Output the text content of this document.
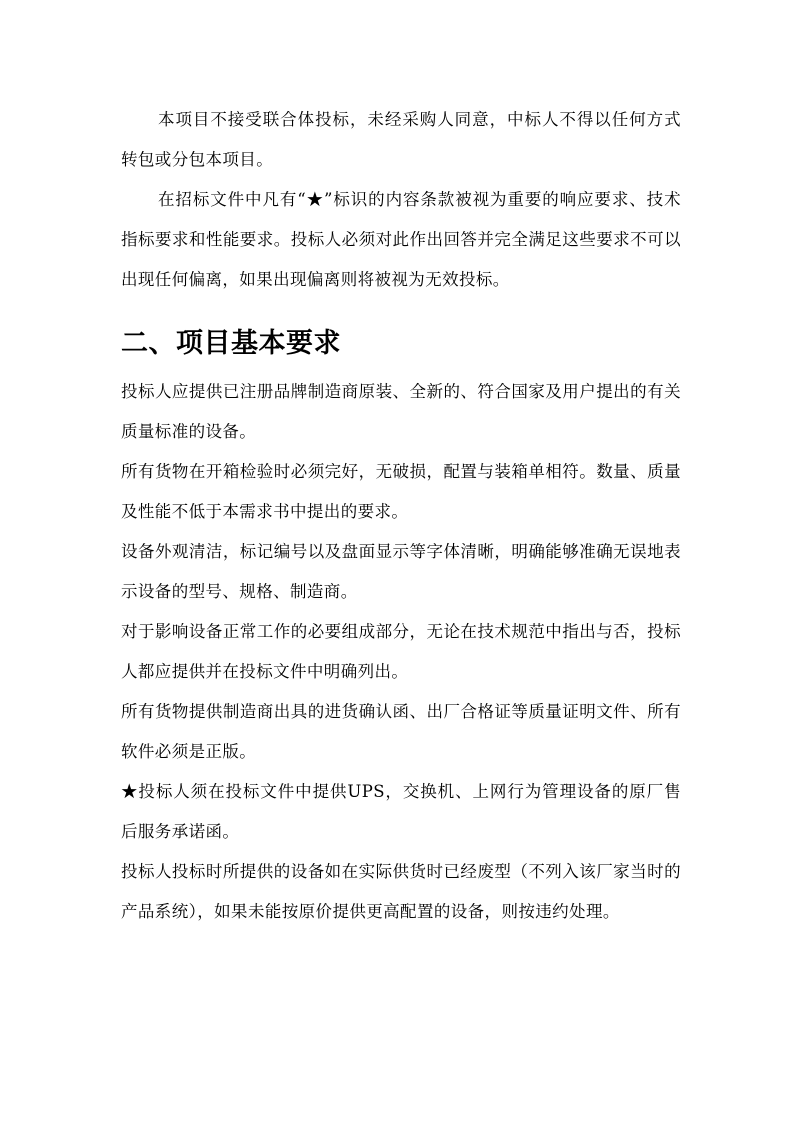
本项目不接受联合体投标，未经采购人同意，中标人不得以任何方式转包或分包本项目。

在招标文件中凡有“★”标识的内容条款被视为重要的响应要求、技术指标要求和性能要求。投标人必须对此作出回答并完全满足这些要求不可以出现任何偏离，如果出现偏离则将被视为无效投标。

二、项目基本要求

投标人应提供已注册品牌制造商原装、全新的、符合国家及用户提出的有关质量标准的设备。

所有货物在开箱检验时必须完好，无破损，配置与装箱单相符。数量、质量及性能不低于本需求书中提出的要求。

设备外观清洁，标记编号以及盘面显示等字体清晰，明确能够准确无误地表示设备的型号、规格、制造商。

对于影响设备正常工作的必要组成部分，无论在技术规范中指出与否，投标人都应提供并在投标文件中明确列出。

所有货物提供制造商出具的进货确认函、出厂合格证等质量证明文件、所有软件必须是正版。

★投标人须在投标文件中提供UPS，交换机、上网行为管理设备的原厂售后服务承诺函。

投标人投标时所提供的设备如在实际供货时已经废型（不列入该厂家当时的产品系统），如果未能按原价提供更高配置的设备，则按违约处理。
